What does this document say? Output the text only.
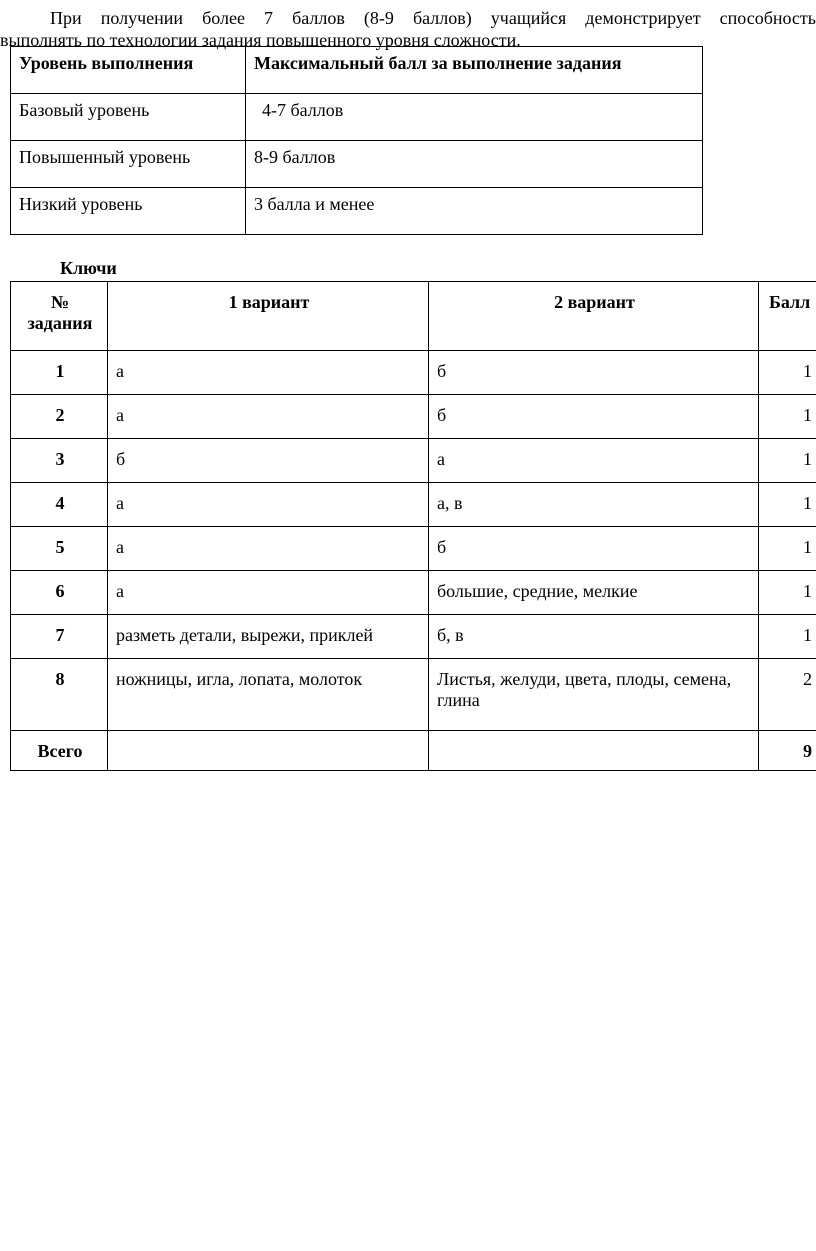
При получении более 7 баллов (8-9 баллов) учащийся демонстрирует способность
выполнять по технологии задания повышенного уровня сложности.
Уровень выполнения	Максимальный балл за выполнение задания
Базовый уровень	4-7 баллов
Повышенный уровень	8-9 баллов
Низкий уровень	3 балла и менее
Ключи
№ задания	1 вариант	2 вариант	Балл
1	а	б	1
2	а	б	1
3	б	а	1
4	а	а, в	1
5	а	б	1
6	а	большие, средние, мелкие	1
7	разметь детали, вырежи, приклей	б, в	1
8	ножницы, игла, лопата, молоток	Листья, желуди, цвета, плоды, семена, глина	2
Всего			9
